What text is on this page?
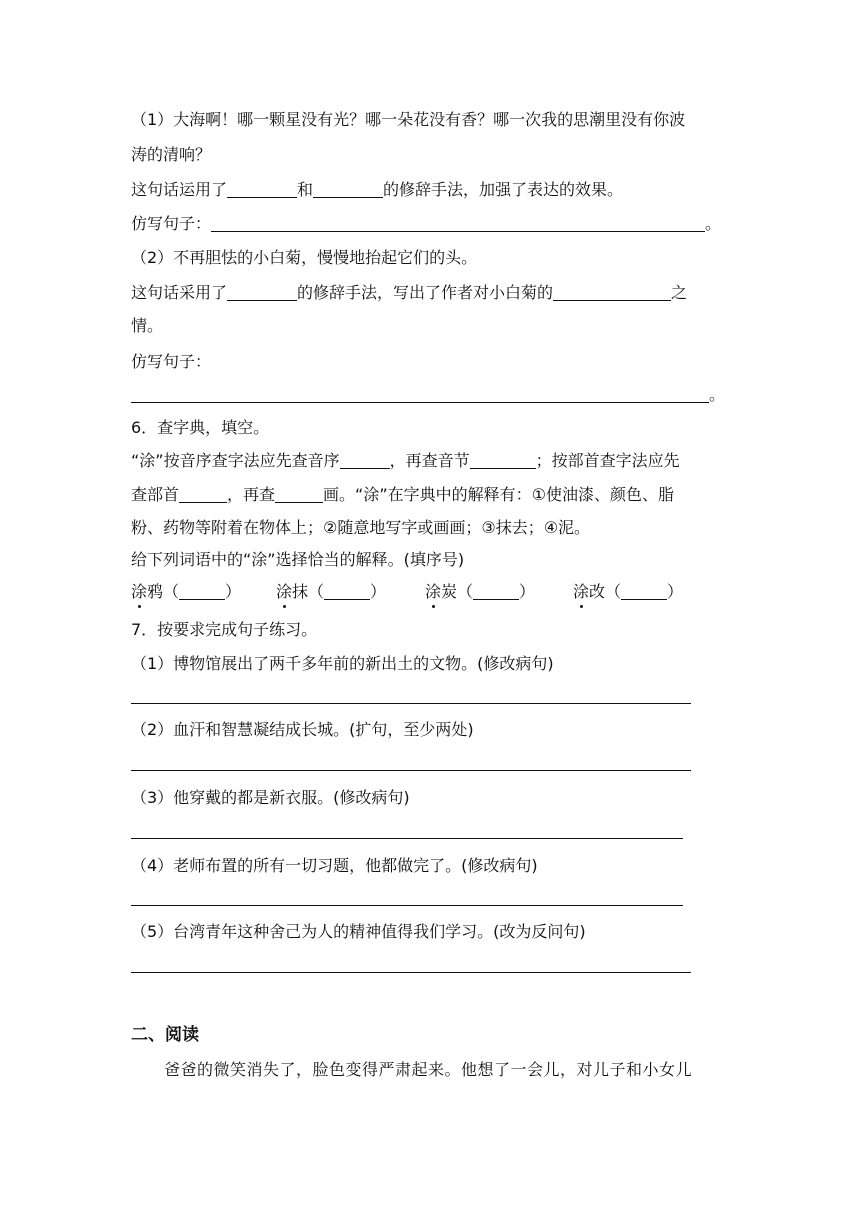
（1）大海啊！哪一颗星没有光？哪一朵花没有香？哪一次我的思潮里没有你波
涛的清响？
这句话运用了	和	的修辞手法，加强了表达的效果。
仿写句子：	。
（2）不再胆怯的小白菊，慢慢地抬起它们的头。
这句话采用了	的修辞手法，写出了作者对小白菊的	之
情。
仿写句子：
。
6．查字典，填空。
“涂”按音序查字法应先查音序	，再查音节	；按部首查字法应先
查部首	，再查	画。“涂”在字典中的解释有：①使油漆、颜色、脂
粉、药物等附着在物体上；②随意地写字或画画；③抹去；④泥。
给下列词语中的“涂”选择恰当的解释。(填序号)
涂鸦（	） 涂抹（	） 涂炭（	） 涂改（	）
7．按要求完成句子练习。
（1）博物馆展出了两千多年前的新出土的文物。(修改病句)
（2）血汗和智慧凝结成长城。(扩句，至少两处)
（3）他穿戴的都是新衣服。(修改病句)
（4）老师布置的所有一切习题，他都做完了。(修改病句)
（5）台湾青年这种舍己为人的精神值得我们学习。(改为反问句)
二、阅读
爸爸的微笑消失了，脸色变得严肃起来。他想了一会儿，对儿子和小女儿
